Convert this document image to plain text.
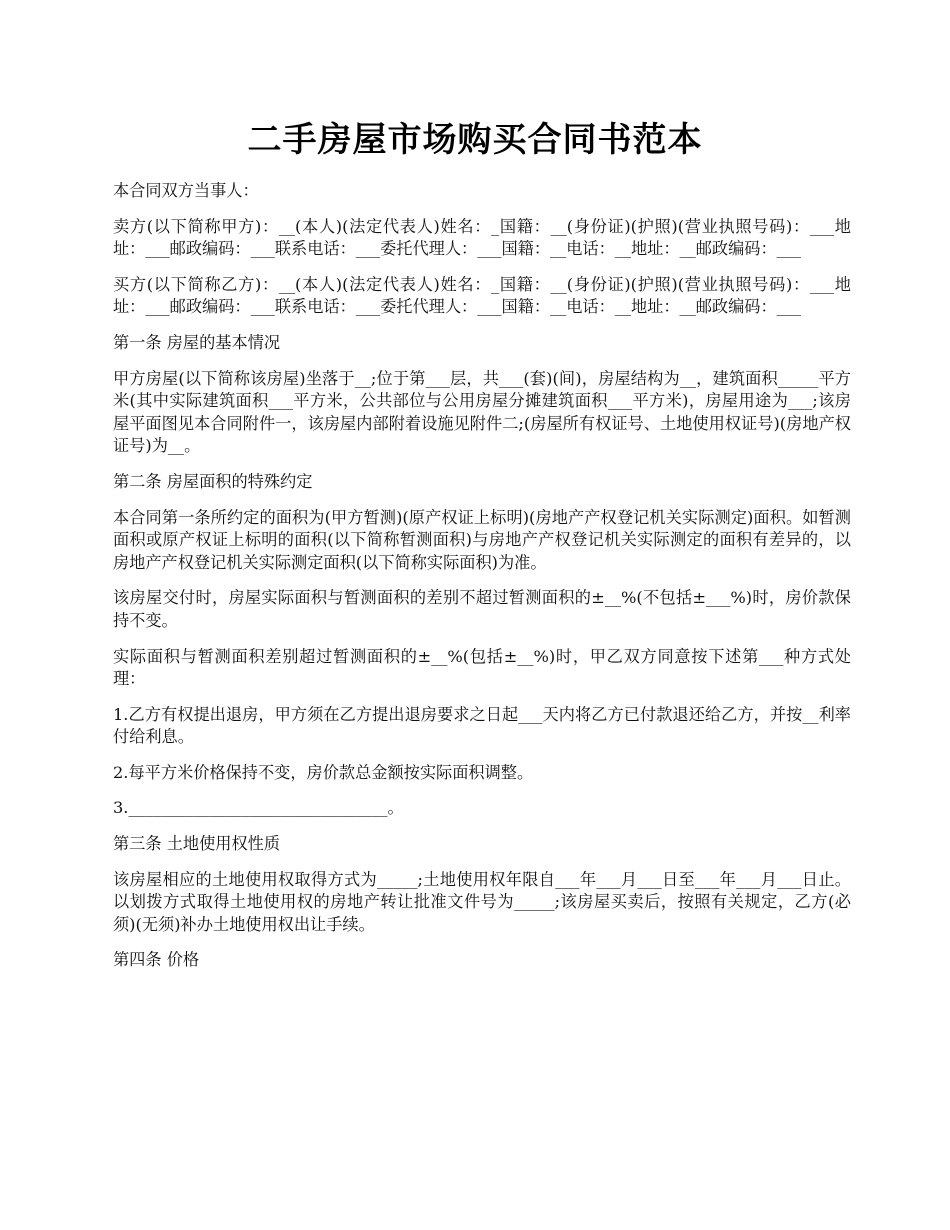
二手房屋市场购买合同书范本

本合同双方当事人：

卖方(以下简称甲方)：__(本人)(法定代表人)姓名：_国籍：__(身份证)(护照)(营业执照号码)：___地址：___邮政编码：___联系电话：___委托代理人：___国籍：__电话：__地址：__邮政编码：___

买方(以下简称乙方)：__(本人)(法定代表人)姓名：_国籍：__(身份证)(护照)(营业执照号码)：___地址：___邮政编码：___联系电话：___委托代理人：___国籍：__电话：__地址：__邮政编码：___

第一条 房屋的基本情况

甲方房屋(以下简称该房屋)坐落于__;位于第___层，共___(套)(间)，房屋结构为__，建筑面积_____平方米(其中实际建筑面积___平方米，公共部位与公用房屋分摊建筑面积___平方米)，房屋用途为___;该房屋平面图见本合同附件一，该房屋内部附着设施见附件二;(房屋所有权证号、土地使用权证号)(房地产权证号)为__。

第二条 房屋面积的特殊约定

本合同第一条所约定的面积为(甲方暂测)(原产权证上标明)(房地产产权登记机关实际测定)面积。如暂测面积或原产权证上标明的面积(以下简称暂测面积)与房地产产权登记机关实际测定的面积有差异的，以房地产产权登记机关实际测定面积(以下简称实际面积)为准。

该房屋交付时，房屋实际面积与暂测面积的差别不超过暂测面积的±__%(不包括±___%)时，房价款保持不变。

实际面积与暂测面积差别超过暂测面积的±__%(包括±__%)时，甲乙双方同意按下述第___种方式处理：

1.乙方有权提出退房，甲方须在乙方提出退房要求之日起___天内将乙方已付款退还给乙方，并按__利率付给利息。

2.每平方米价格保持不变，房价款总金额按实际面积调整。

3.________________________________。

第三条 土地使用权性质

该房屋相应的土地使用权取得方式为_____;土地使用权年限自___年___月___日至___年___月___日止。以划拨方式取得土地使用权的房地产转让批准文件号为_____;该房屋买卖后，按照有关规定，乙方(必须)(无须)补办土地使用权出让手续。

第四条 价格
